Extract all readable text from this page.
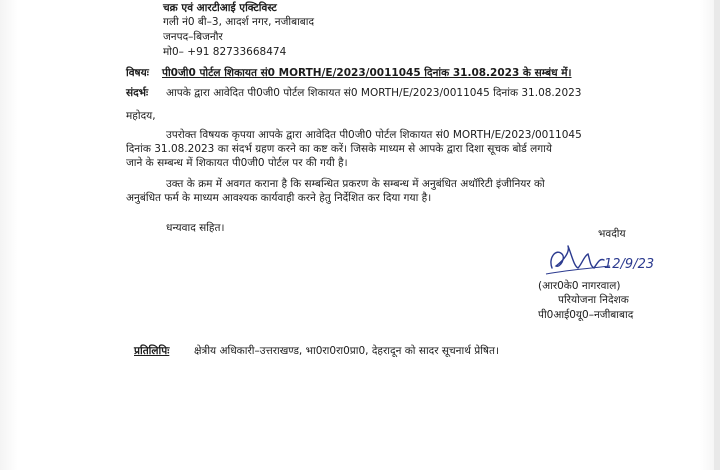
चक्र एवं आरटीआई एक्टिविस्ट
गली नं0 बी–3, आदर्श नगर, नजीबाबाद
जनपद–बिजनौर
मो0– +91 82733668474
विषयः पी0जी0 पोर्टल शिकायत सं0 MORTH/E/2023/0011045 दिनांक 31.08.2023 के सम्बंध में।
संदर्भः आपके द्वारा आवेदित पी0जी0 पोर्टल शिकायत सं0 MORTH/E/2023/0011045 दिनांक 31.08.2023
महोदय,
उपरोक्त विषयक कृपया आपके द्वारा आवेदित पी0जी0 पोर्टल शिकायत सं0 MORTH/E/2023/0011045
दिनांक 31.08.2023 का संदर्भ ग्रहण करने का कष्ट करें। जिसके माध्यम से आपके द्वारा दिशा सूचक बोर्ड लगाये
जाने के सम्बन्ध में शिकायत पी0जी0 पोर्टल पर की गयी है।
उक्त के क्रम में अवगत कराना है कि सम्बन्धित प्रकरण के सम्बन्ध में अनुबंधित अथॉरिटी इंजीनियर को
अनुबंधित फर्म के माध्यम आवश्यक कार्यवाही करने हेतु निर्देशित कर दिया गया है।
धन्यवाद सहित।	भवदीय
12/9/23
(आर0के0 नागरवाल)
परियोजना निदेशक
पी0आई0यू0–नजीबाबाद
प्रतिलिपिः क्षेत्रीय अधिकारी–उत्तराखण्ड, भा0रा0रा0प्रा0, देहरादून को सादर सूचनार्थ प्रेषित।
